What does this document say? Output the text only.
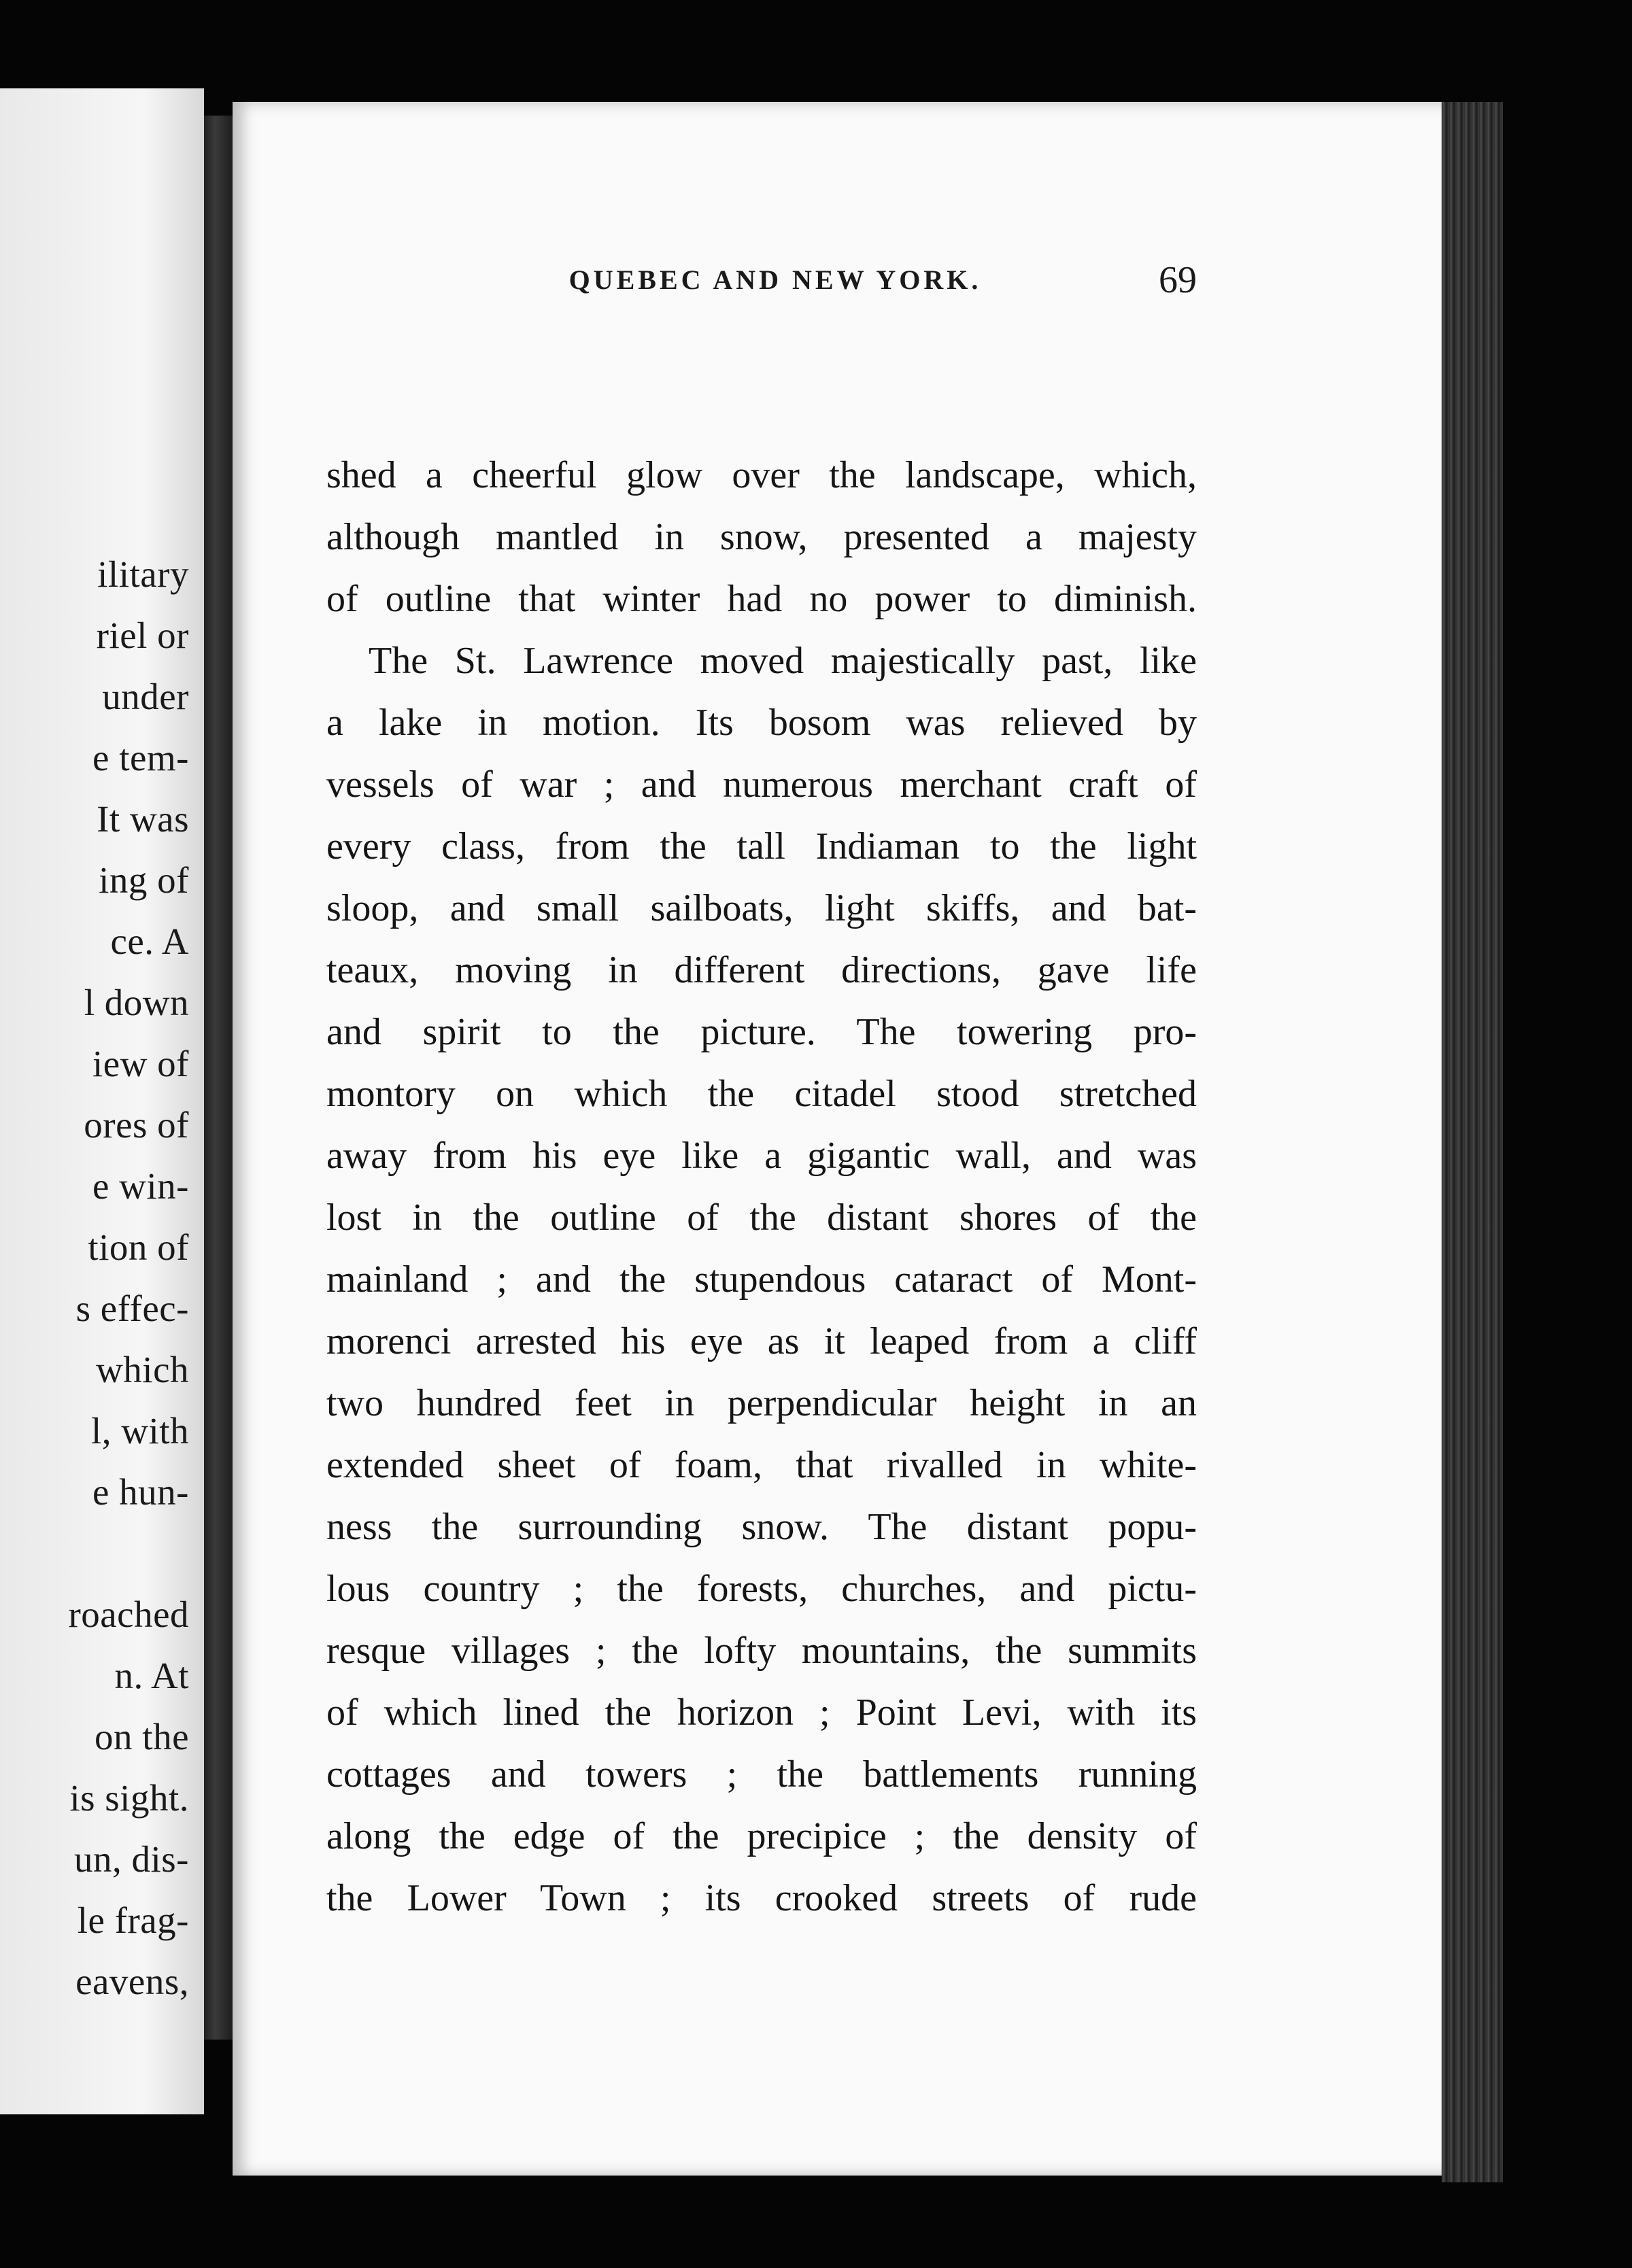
ilitary
riel or
under
e tem-
It was
ing of
ce. A
l down
iew of
ores of
e win-
tion of
s effec-
which
l, with
e hun-
roached
n. At
on the
is sight.
un, dis-
le frag-
eavens,
QUEBEC AND NEW YORK.	69
shed a cheerful glow over the landscape, which,
although mantled in snow, presented a majesty
of outline that winter had no power to diminish.
The St. Lawrence moved majestically past, like
a lake in motion. Its bosom was relieved by
vessels of war ; and numerous merchant craft of
every class, from the tall Indiaman to the light
sloop, and small sailboats, light skiffs, and bat-
teaux, moving in different directions, gave life
and spirit to the picture. The towering pro-
montory on which the citadel stood stretched
away from his eye like a gigantic wall, and was
lost in the outline of the distant shores of the
mainland ; and the stupendous cataract of Mont-
morenci arrested his eye as it leaped from a cliff
two hundred feet in perpendicular height in an
extended sheet of foam, that rivalled in white-
ness the surrounding snow. The distant popu-
lous country ; the forests, churches, and pictu-
resque villages ; the lofty mountains, the summits
of which lined the horizon ; Point Levi, with its
cottages and towers ; the battlements running
along the edge of the precipice ; the density of
the Lower Town ; its crooked streets of rude
